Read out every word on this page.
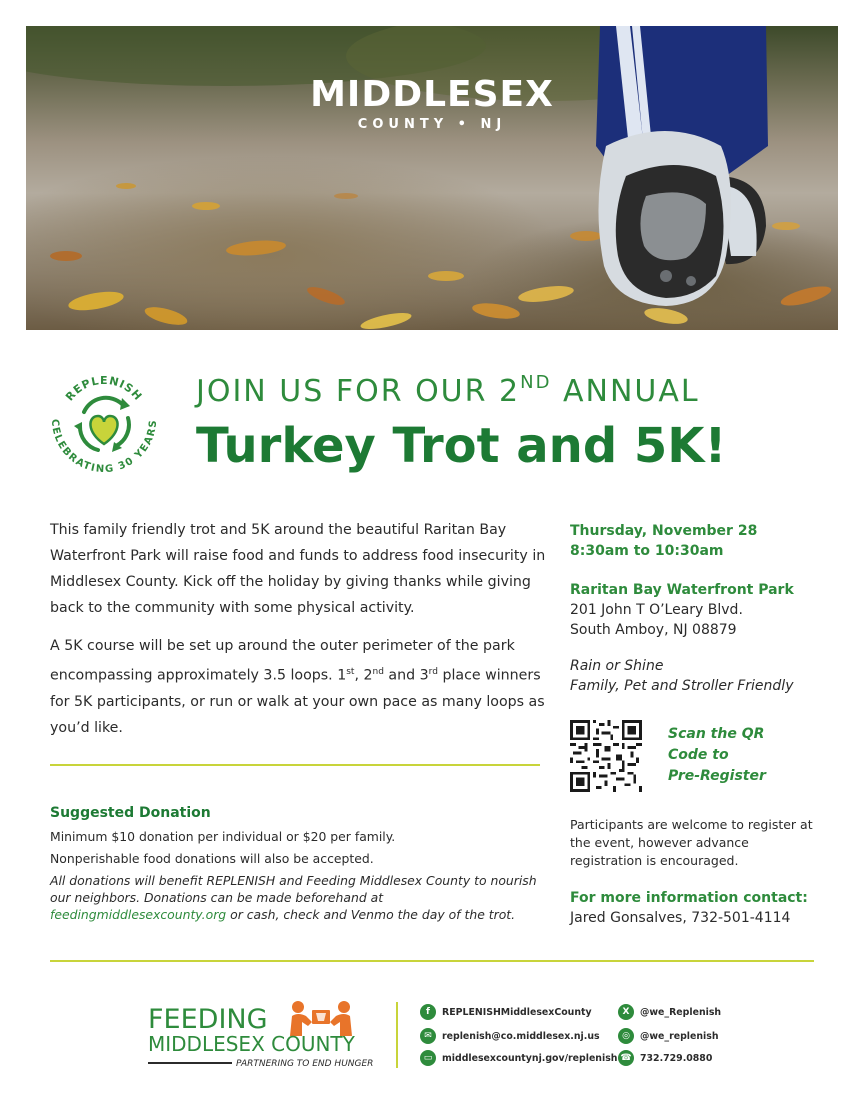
MIDDLESEX
COUNTY • NJ
REPLENISH
CELEBRATING 30 YEARS
JOIN US FOR OUR 2ND ANNUAL
Turkey Trot and 5K!

This family friendly trot and 5K around the beautiful Raritan Bay Waterfront Park will raise food and funds to address food insecurity in Middlesex County. Kick off the holiday by giving thanks while giving back to the community with some physical activity.

A 5K course will be set up around the outer perimeter of the park encompassing approximately 3.5 loops. 1st, 2nd and 3rd place winners for 5K participants, or run or walk at your own pace as many loops as you’d like.

Suggested Donation
Minimum $10 donation per individual or $20 per family.
Nonperishable food donations will also be accepted.
All donations will benefit REPLENISH and Feeding Middlesex County to nourish our neighbors. Donations can be made beforehand at feedingmiddlesexcounty.org or cash, check and Venmo the day of the trot.
Thursday, November 28
8:30am to 10:30am
Raritan Bay Waterfront Park
201 John T O’Leary Blvd.
South Amboy, NJ 08879
Rain or Shine
Family, Pet and Stroller Friendly
Scan the QR
Code to
Pre-Register
Participants are welcome to register at the event, however advance registration is encouraged.
For more information contact:
Jared Gonsalves, 732-501-4114
FEEDING
MIDDLESEX COUNTY
PARTNERING TO END HUNGER
f	REPLENISHMiddlesexCounty
✉	replenish@co.middlesex.nj.us
▭	middlesexcountynj.gov/replenish
X	@we_Replenish
◎	@we_replenish
☎ 732.729.0880
